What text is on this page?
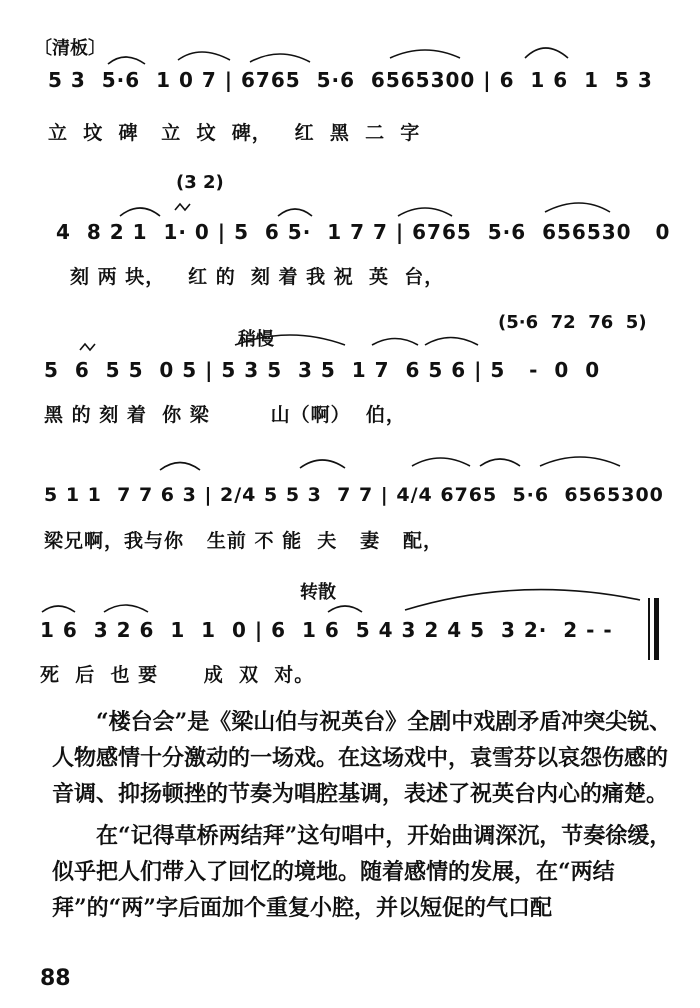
〔清板〕
5 3  5·6  1 0 7 | 6765  5·6  6565300 | 6  1 6  1  5 3
立  坟  碑   立  坟  碑，   红  黑  二  字
(3 2)
4  8 2 1  1· 0 | 5  6 5·  1 7 7 | 6765  5·6  656530   0
刻 两 块，   红 的  刻 着 我 祝  英  台，
稍慢
(5·6  72  76  5)
5  6  5 5  0 5 | 5 3 5  3 5  1 7  6 5 6 | 5   -  0  0
黑 的 刻 着  你 梁        山（啊）  伯，
5 1 1  7 7 6 3 | 2/4 5 5 3  7 7 | 4/4 6765  5·6  6565300
梁兄啊，我与你   生前 不 能  夫   妻   配，
转散
1 6  3 2 6  1  1  0 | 6  1 6  5 4 3 2 4 5  3 2·  2 - -
死  后  也 要      成  双  对。

“楼台会”是《梁山伯与祝英台》全剧中戏剧矛盾冲突尖锐、人物感情十分激动的一场戏。在这场戏中，袁雪芬以哀怨伤感的音调、抑扬顿挫的节奏为唱腔基调，表述了祝英台内心的痛楚。

在“记得草桥两结拜”这句唱中，开始曲调深沉，节奏徐缓，似乎把人们带入了回忆的境地。随着感情的发展，在“两结拜”的“两”字后面加个重复小腔，并以短促的气口配

88
